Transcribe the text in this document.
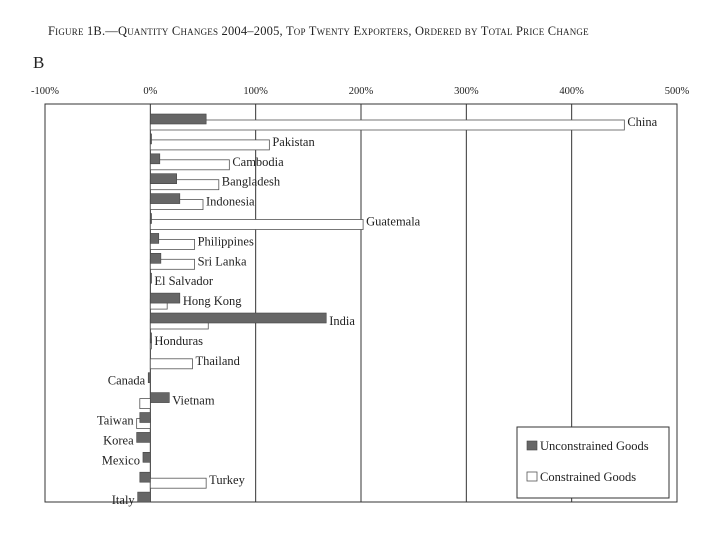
Figure 1B.—Quantity Changes 2004–2005, Top Twenty Exporters, Ordered by Total Price Change
B
-100%	0%	100%	200%	300%	400%	500%
China
Pakistan
Cambodia
Bangladesh
Indonesia
Guatemala
Philippines
Sri Lanka
El Salvador
Hong Kong
India
Honduras
Thailand
Canada
Vietnam
Taiwan
Korea
Mexico
Turkey
Italy
Unconstrained Goods
Constrained Goods
